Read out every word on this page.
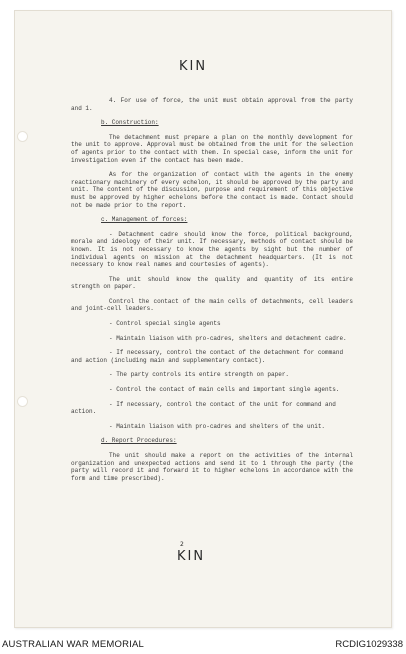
KIN

4. For use of force, the unit must obtain approval from the party and 1.

b. Construction:

The detachment must prepare a plan on the monthly development for the unit to approve. Approval must be obtained from the unit for the selection of agents prior to the contact with them. In special case, inform the unit for investigation even if the contact has been made.

As for the organization of contact with the agents in the enemy reactionary machinery of every echelon, it should be approved by the party and unit. The content of the discussion, purpose and requirement of this objective must be approved by higher echelons before the contact is made. Contact should not be made prior to the report.

c. Management of forces:

- Detachment cadre should know the force, political background, morale and ideology of their unit. If necessary, methods of contact should be known. It is not necessary to know the agents by sight but the number of individual agents on mission at the detachment headquarters. (It is not necessary to know real names and courtesies of agents).

The unit should know the quality and quantity of its entire strength on paper.

Control the contact of the main cells of detachments, cell leaders and joint-cell leaders.

- Control special single agents

- Maintain liaison with pro-cadres, shelters and detachment cadre.

- If necessary, control the contact of the detachment for command and action (including main and supplementary contact).

- The party controls its entire strength on paper.

- Control the contact of main cells and important single agents.

- If necessary, control the contact of the unit for command and action.

- Maintain liaison with pro-cadres and shelters of the unit.

d. Report Procedures:

The unit should make a report on the activities of the internal organization and unexpected actions and send it to 1 through the party (the party will record it and forward it to higher echelons in accordance with the form and time prescribed).

2
KIN
AUSTRALIAN WAR MEMORIAL	RCDIG1029338
